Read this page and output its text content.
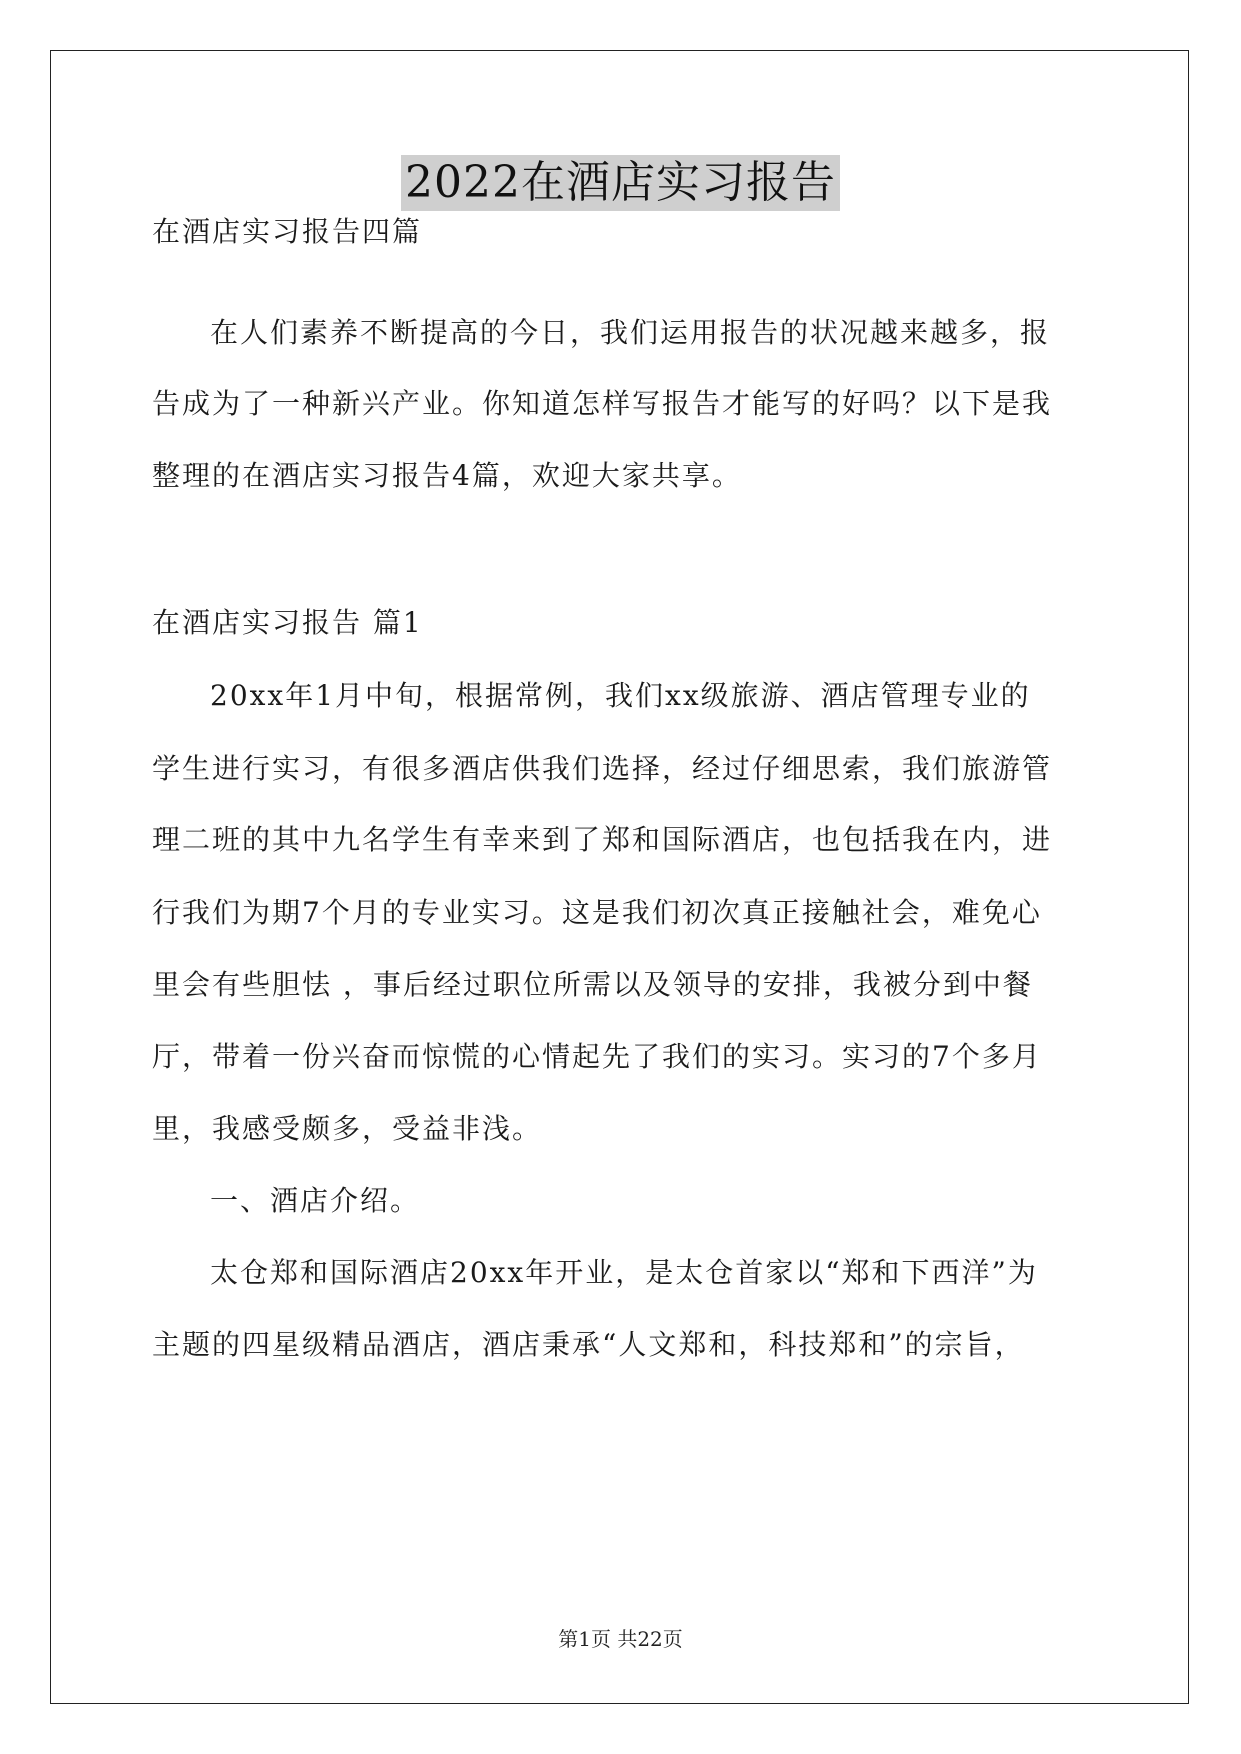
2022在酒店实习报告
在酒店实习报告四篇
在人们素养不断提高的今日，我们运用报告的状况越来越多，报
告成为了一种新兴产业。你知道怎样写报告才能写的好吗？以下是我
整理的在酒店实习报告4篇，欢迎大家共享。
在酒店实习报告 篇1
20xx年1月中旬，根据常例，我们xx级旅游、酒店管理专业的
学生进行实习，有很多酒店供我们选择，经过仔细思索，我们旅游管
理二班的其中九名学生有幸来到了郑和国际酒店，也包括我在内，进
行我们为期7个月的专业实习。这是我们初次真正接触社会，难免心
里会有些胆怯 ，事后经过职位所需以及领导的安排，我被分到中餐
厅，带着一份兴奋而惊慌的心情起先了我们的实习。实习的7个多月
里，我感受颇多，受益非浅。
一、酒店介绍。
太仓郑和国际酒店20xx年开业，是太仓首家以“郑和下西洋”为
主题的四星级精品酒店，酒店秉承“人文郑和，科技郑和”的宗旨，
第1页 共22页
